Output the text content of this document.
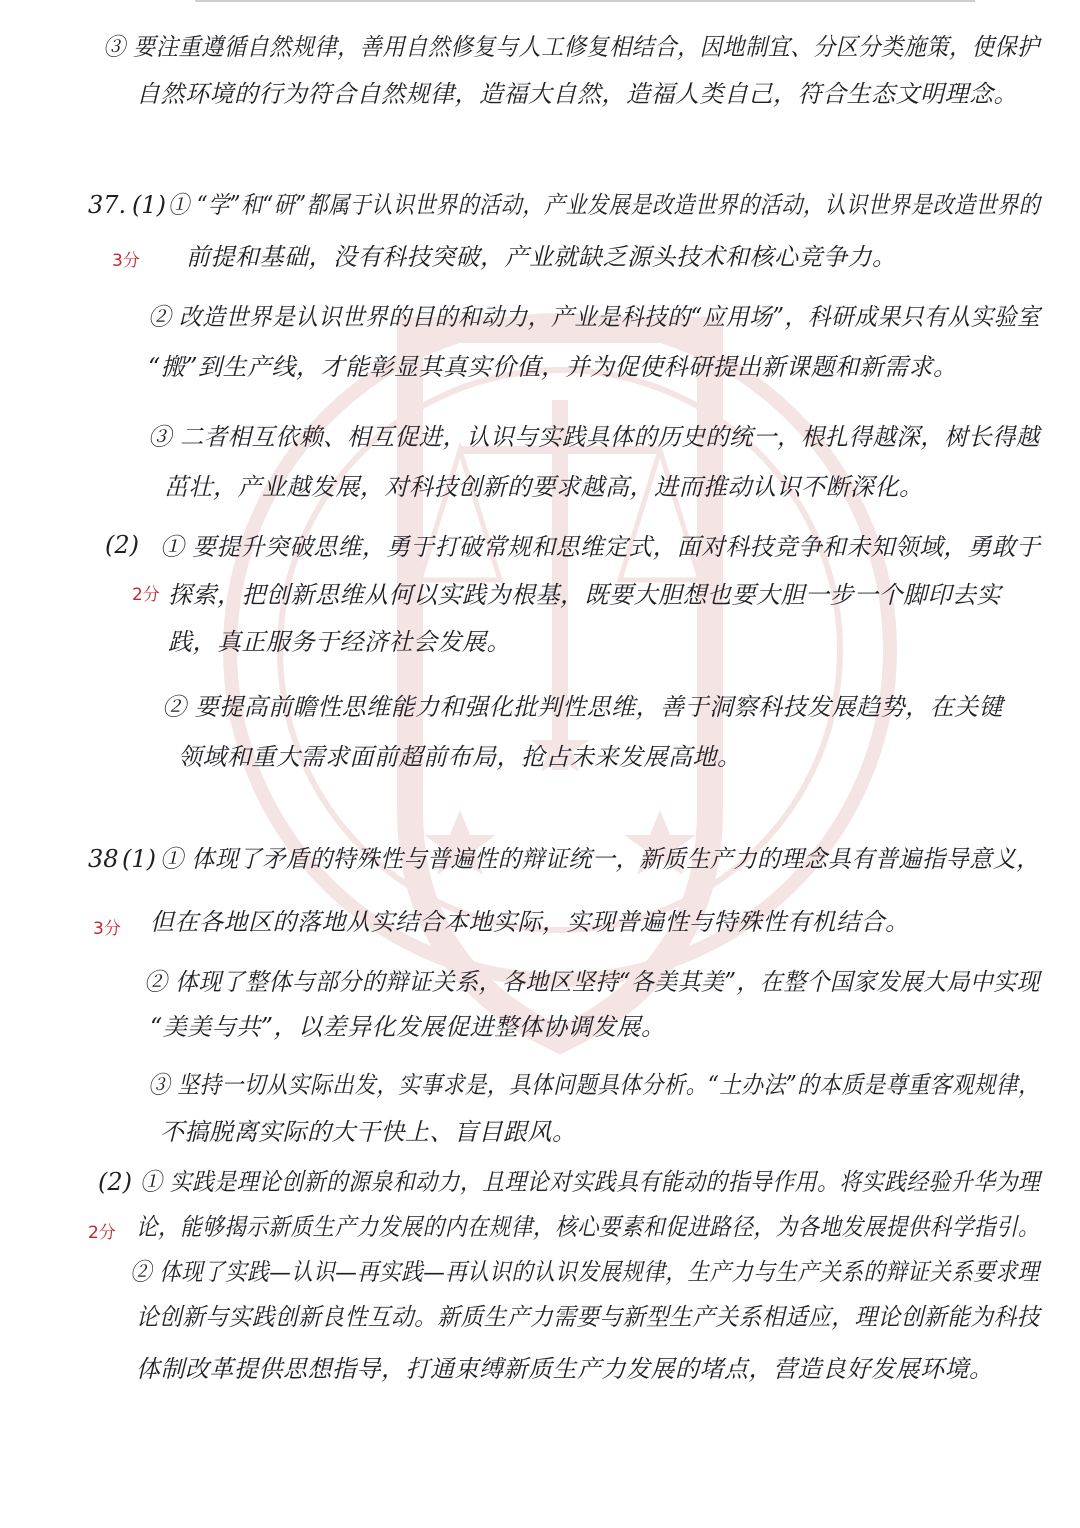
③ 要注重遵循自然规律，善用自然修复与人工修复相结合，因地制宜、分区分类施策，使保护
自然环境的行为符合自然规律，造福大自然，造福人类自己，符合生态文明理念。
37. (1)
3分
① “学”和“研”都属于认识世界的活动，产业发展是改造世界的活动，认识世界是改造世界的
前提和基础，没有科技突破，产业就缺乏源头技术和核心竞争力。
② 改造世界是认识世界的目的和动力，产业是科技的“应用场”，科研成果只有从实验室
“搬”到生产线，才能彰显其真实价值，并为促使科研提出新课题和新需求。
③ 二者相互依赖、相互促进，认识与实践具体的历史的统一，根扎得越深，树长得越
茁壮，产业越发展，对科技创新的要求越高，进而推动认识不断深化。
(2)
2分
① 要提升突破思维，勇于打破常规和思维定式，面对科技竞争和未知领域，勇敢于
探索，把创新思维从何以实践为根基，既要大胆想也要大胆一步一个脚印去实
践，真正服务于经济社会发展。
② 要提高前瞻性思维能力和强化批判性思维，善于洞察科技发展趋势，在关键
领域和重大需求面前超前布局，抢占未来发展高地。
38 (1)
3分
① 体现了矛盾的特殊性与普遍性的辩证统一，新质生产力的理念具有普遍指导意义，
但在各地区的落地从实结合本地实际，实现普遍性与特殊性有机结合。
② 体现了整体与部分的辩证关系，各地区坚持“各美其美”，在整个国家发展大局中实现
“美美与共”，以差异化发展促进整体协调发展。
③ 坚持一切从实际出发，实事求是，具体问题具体分析。“土办法”的本质是尊重客观规律，
不搞脱离实际的大干快上、盲目跟风。
(2)
2分
① 实践是理论创新的源泉和动力，且理论对实践具有能动的指导作用。将实践经验升华为理
论，能够揭示新质生产力发展的内在规律，核心要素和促进路径，为各地发展提供科学指引。
② 体现了实践—认识—再实践—再认识的认识发展规律，生产力与生产关系的辩证关系要求理
论创新与实践创新良性互动。新质生产力需要与新型生产关系相适应，理论创新能为科技
体制改革提供思想指导，打通束缚新质生产力发展的堵点，营造良好发展环境。
